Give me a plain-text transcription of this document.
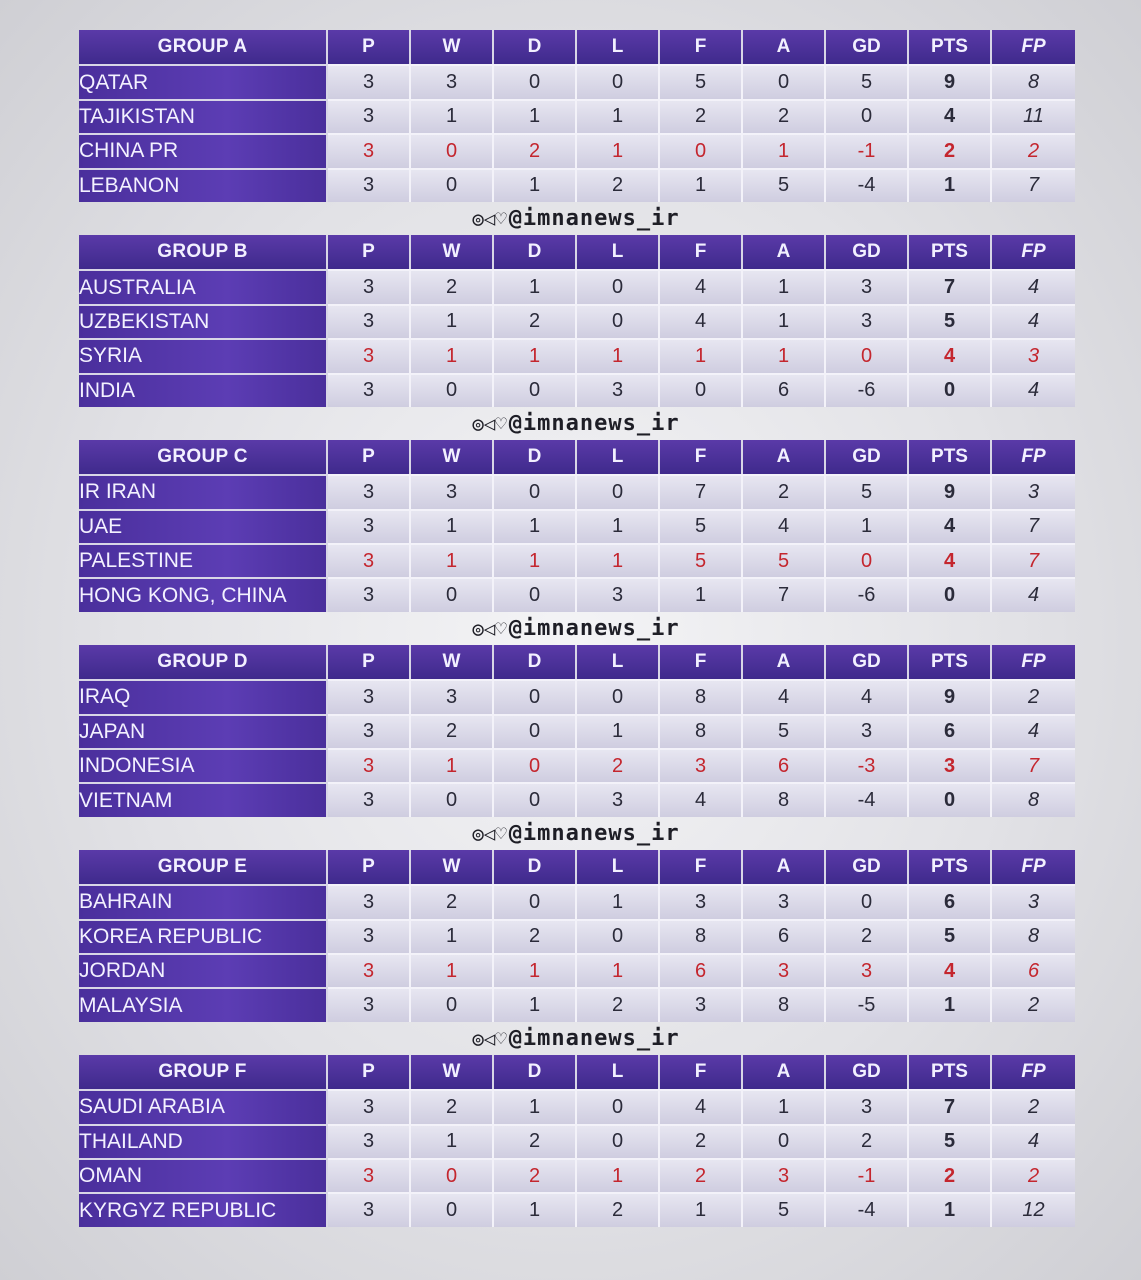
GROUP A	P	W	D	L	F	A	GD	PTS	FP
QATAR	3	3	0	0	5	0	5	9	8
TAJIKISTAN	3	1	1	1	2	2	0	4	11
CHINA PR	3	0	2	1	0	1	-1	2	2
LEBANON	3	0	1	2	1	5	-4	1	7
◎◁♡@imnanews_ir
GROUP B	P	W	D	L	F	A	GD	PTS	FP
AUSTRALIA	3	2	1	0	4	1	3	7	4
UZBEKISTAN	3	1	2	0	4	1	3	5	4
SYRIA	3	1	1	1	1	1	0	4	3
INDIA	3	0	0	3	0	6	-6	0	4
◎◁♡@imnanews_ir
GROUP C	P	W	D	L	F	A	GD	PTS	FP
IR IRAN	3	3	0	0	7	2	5	9	3
UAE	3	1	1	1	5	4	1	4	7
PALESTINE	3	1	1	1	5	5	0	4	7
HONG KONG, CHINA	3	0	0	3	1	7	-6	0	4
◎◁♡@imnanews_ir
GROUP D	P	W	D	L	F	A	GD	PTS	FP
IRAQ	3	3	0	0	8	4	4	9	2
JAPAN	3	2	0	1	8	5	3	6	4
INDONESIA	3	1	0	2	3	6	-3	3	7
VIETNAM	3	0	0	3	4	8	-4	0	8
◎◁♡@imnanews_ir
GROUP E	P	W	D	L	F	A	GD	PTS	FP
BAHRAIN	3	2	0	1	3	3	0	6	3
KOREA REPUBLIC	3	1	2	0	8	6	2	5	8
JORDAN	3	1	1	1	6	3	3	4	6
MALAYSIA	3	0	1	2	3	8	-5	1	2
◎◁♡@imnanews_ir
GROUP F	P	W	D	L	F	A	GD	PTS	FP
SAUDI ARABIA	3	2	1	0	4	1	3	7	2
THAILAND	3	1	2	0	2	0	2	5	4
OMAN	3	0	2	1	2	3	-1	2	2
KYRGYZ REPUBLIC	3	0	1	2	1	5	-4	1	12
